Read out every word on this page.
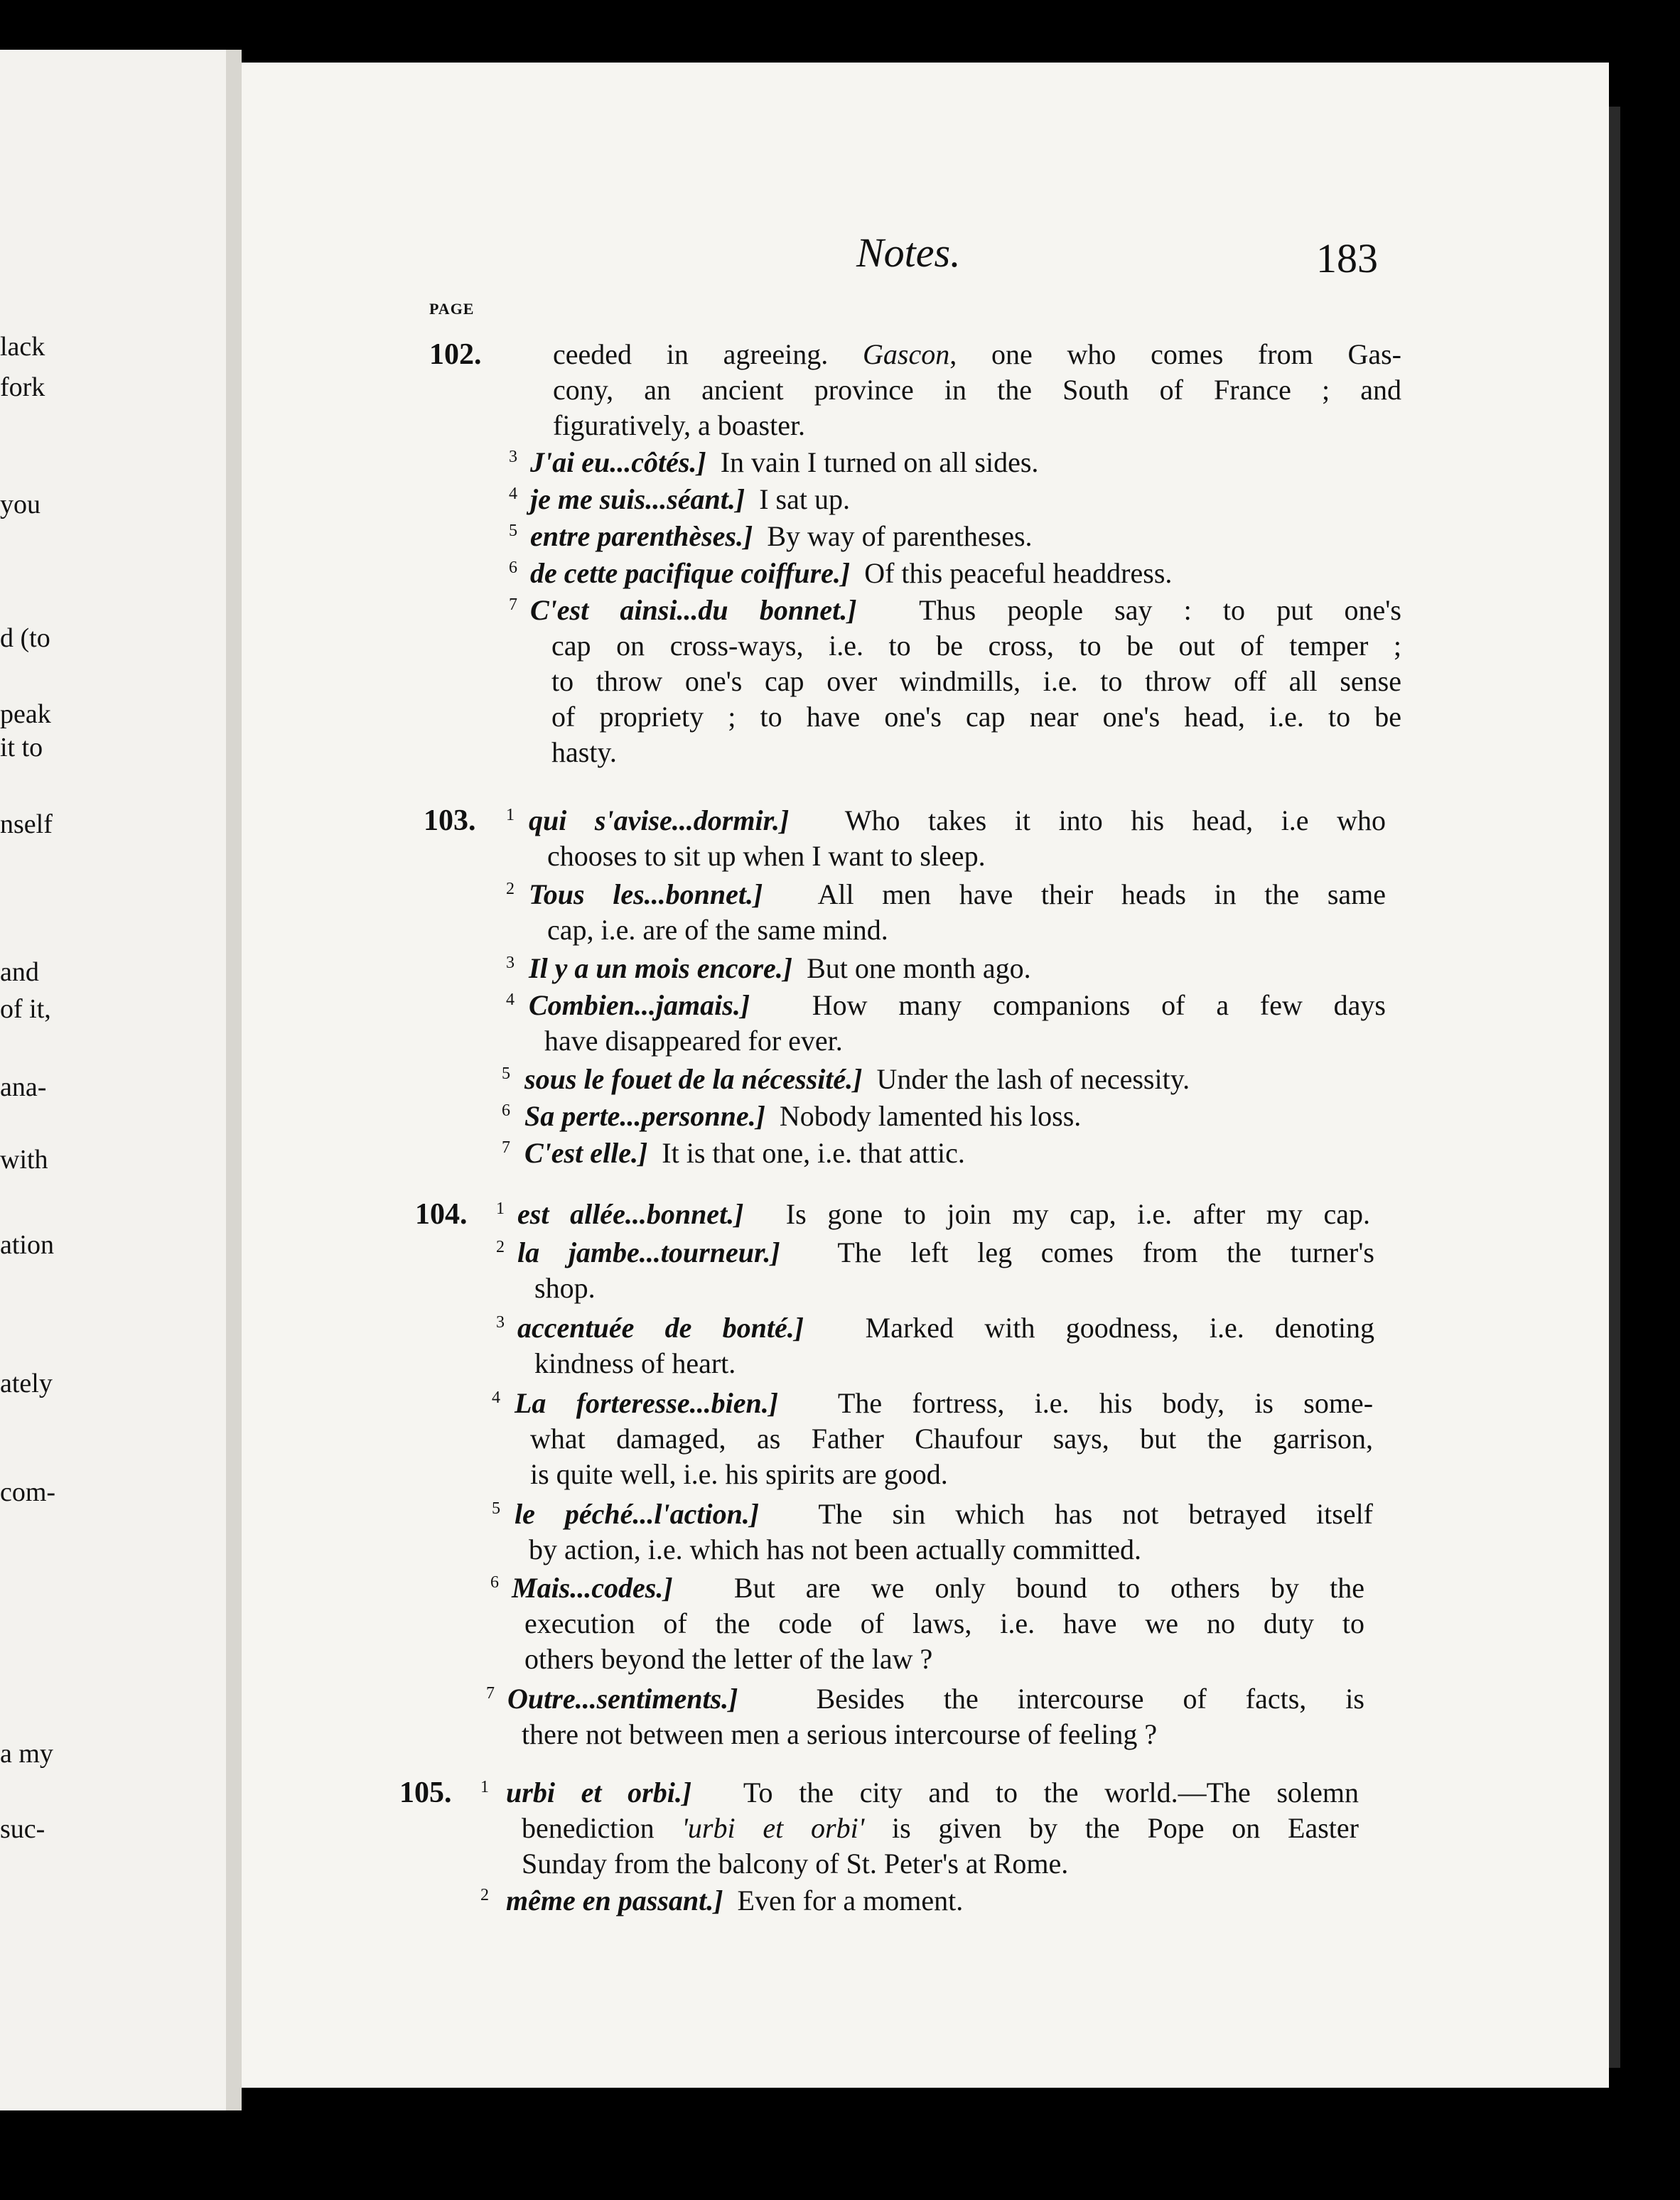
lack
fork
you
d (to
peak
it to
nself
and
of it,
ana-
with
ation
ately
com-
a my
suc-
Notes.	183
PAGE
102.	ceeded in agreeing. Gascon, one who comes from Gas-
cony, an ancient province in the South of France ; and
figuratively, a boaster.
3 J'ai eu...côtés.] In vain I turned on all sides.
4 je me suis...séant.] I sat up.
5 entre parenthèses.] By way of parentheses.
6 de cette pacifique coiffure.] Of this peaceful headdress.
7 C'est ainsi...du bonnet.] Thus people say : to put one's
cap on cross-ways, i.e. to be cross, to be out of temper ;
to throw one's cap over windmills, i.e. to throw off all sense
of propriety ; to have one's cap near one's head, i.e. to be
hasty.
103. 1 qui s'avise...dormir.] Who takes it into his head, i.e who
chooses to sit up when I want to sleep.
2 Tous les...bonnet.] All men have their heads in the same
cap, i.e. are of the same mind.
3 Il y a un mois encore.] But one month ago.
4 Combien...jamais.] How many companions of a few days
have disappeared for ever.
5 sous le fouet de la nécessité.] Under the lash of necessity.
6 Sa perte...personne.] Nobody lamented his loss.
7 C'est elle.] It is that one, i.e. that attic.
104. 1 est allée...bonnet.] Is gone to join my cap, i.e. after my cap.
2 la jambe...tourneur.] The left leg comes from the turner's
shop.
3 accentuée de bonté.] Marked with goodness, i.e. denoting
kindness of heart.
4 La forteresse...bien.] The fortress, i.e. his body, is some-
what damaged, as Father Chaufour says, but the garrison,
is quite well, i.e. his spirits are good.
5 le péché...l'action.] The sin which has not betrayed itself
by action, i.e. which has not been actually committed.
6 Mais...codes.] But are we only bound to others by the
execution of the code of laws, i.e. have we no duty to
others beyond the letter of the law ?
7 Outre...sentiments.]	Besides the intercourse of facts, is
there not between men a serious intercourse of feeling ?
105. 1 urbi et orbi.] To the city and to the world.—The solemn
benediction 'urbi et orbi' is given by the Pope on Easter
Sunday from the balcony of St. Peter's at Rome.
2 même en passant.] Even for a moment.
